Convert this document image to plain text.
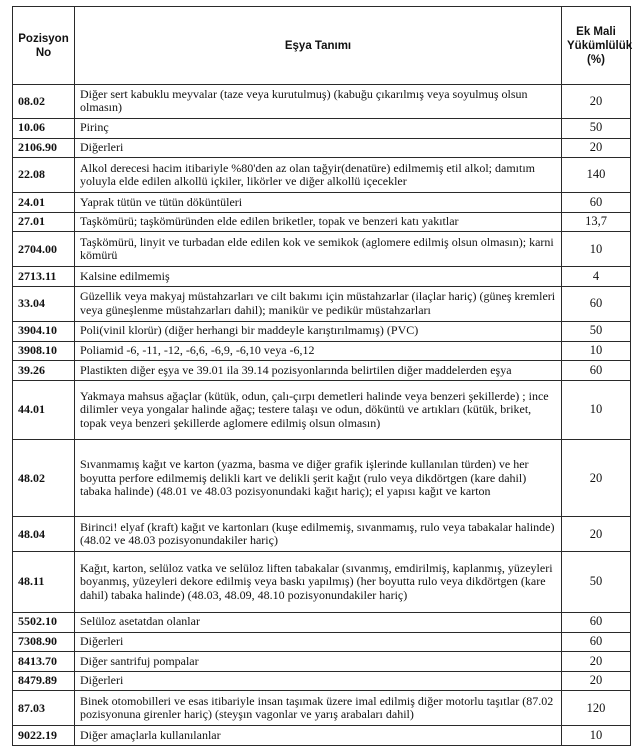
Pozisyon
No	Eşya Tanımı	Ek Mali
Yükümlülük
(%)
08.02	Diğer sert kabuklu meyvalar (taze veya kurutulmuş) (kabuğu çıkarılmış veya soyulmuş olsun olmasın)	20
10.06	Pirinç	50
2106.90	Diğerleri	20
22.08	Alkol derecesi hacim itibariyle %80'den az olan tağyir(denatüre) edilmemiş etil alkol; damıtım yoluyla elde edilen alkollü içkiler, likörler ve diğer alkollü içecekler	140
24.01	Yaprak tütün ve tütün döküntüleri	60
27.01	Taşkömürü; taşkömüründen elde edilen briketler, topak ve benzeri katı yakıtlar	13,7
2704.00	Taşkömürü, linyit ve turbadan elde edilen kok ve semikok (aglomere edilmiş olsun olmasın); karni kömürü	10
2713.11	Kalsine edilmemiş	4
33.04	Güzellik veya makyaj müstahzarları ve cilt bakımı için müstahzarlar (ilaçlar hariç) (güneş kremleri veya güneşlenme müstahzarları dahil); manikür ve pedikür müstahzarları	60
3904.10	Poli(vinil klorür) (diğer herhangi bir maddeyle karıştırılmamış) (PVC)	50
3908.10	Poliamid -6, -11, -12, -6,6, -6,9, -6,10 veya -6,12	10
39.26	Plastikten diğer eşya ve 39.01 ila 39.14 pozisyonlarında belirtilen diğer maddelerden eşya	60
44.01	Yakmaya mahsus ağaçlar (kütük, odun, çalı-çırpı demetleri halinde veya benzeri şekillerde) ; ince dilimler veya yongalar halinde ağaç; testere talaşı ve odun, döküntü ve artıkları (kütük, briket, topak veya benzeri şekillerde aglomere edilmiş olsun olmasın)	10
48.02	Sıvanmamış kağıt ve karton (yazma, basma ve diğer grafik işlerinde kullanılan türden) ve her boyutta perfore edilmemiş delikli kart ve delikli şerit kağıt (rulo veya dikdörtgen (kare dahil) tabaka halinde) (48.01 ve 48.03 pozisyonundaki kağıt hariç); el yapısı kağıt ve karton	20
48.04	Birinci! elyaf (kraft) kağıt ve kartonları (kuşe edilmemiş, sıvanmamış, rulo veya tabakalar halinde) (48.02 ve 48.03 pozisyonundakiler hariç)	20
48.11	Kağıt, karton, selüloz vatka ve selüloz liften tabakalar (sıvanmış, emdirilmiş, kaplanmış, yüzeyleri boyanmış, yüzeyleri dekore edilmiş veya baskı yapılmış) (her boyutta rulo veya dikdörtgen (kare dahil) tabaka halinde) (48.03, 48.09, 48.10 pozisyonundakiler hariç)	50
5502.10	Selüloz asetatdan olanlar	60
7308.90	Diğerleri	60
8413.70	Diğer santrifuj pompalar	20
8479.89	Diğerleri	20
87.03	Binek otomobilleri ve esas itibariyle insan taşımak üzere imal edilmiş diğer motorlu taşıtlar (87.02 pozisyonuna girenler hariç) (steyşın vagonlar ve yarış arabaları dahil)	120
9022.19	Diğer amaçlarla kullanılanlar	10
